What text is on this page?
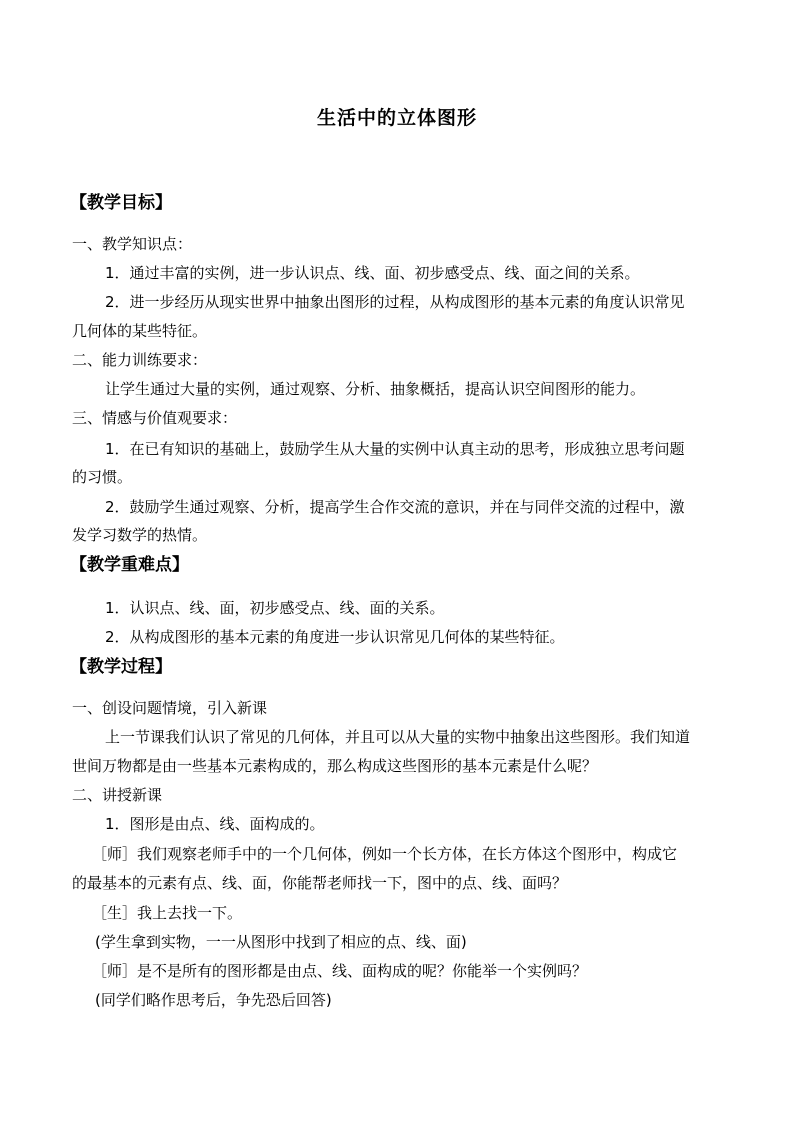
生活中的立体图形
【教学目标】
一、教学知识点：
1．通过丰富的实例，进一步认识点、线、面、初步感受点、线、面之间的关系。
2．进一步经历从现实世界中抽象出图形的过程，从构成图形的基本元素的角度认识常见
几何体的某些特征。
二、能力训练要求：
让学生通过大量的实例，通过观察、分析、抽象概括，提高认识空间图形的能力。
三、情感与价值观要求：
1．在已有知识的基础上，鼓励学生从大量的实例中认真主动的思考，形成独立思考问题
的习惯。
2．鼓励学生通过观察、分析，提高学生合作交流的意识，并在与同伴交流的过程中，激
发学习数学的热情。
【教学重难点】
1．认识点、线、面，初步感受点、线、面的关系。
2．从构成图形的基本元素的角度进一步认识常见几何体的某些特征。
【教学过程】
一、创设问题情境，引入新课
上一节课我们认识了常见的几何体，并且可以从大量的实物中抽象出这些图形。我们知道
世间万物都是由一些基本元素构成的，那么构成这些图形的基本元素是什么呢？
二、讲授新课
1．图形是由点、线、面构成的。
［师］我们观察老师手中的一个几何体，例如一个长方体，在长方体这个图形中，构成它
的最基本的元素有点、线、面，你能帮老师找一下，图中的点、线、面吗？
［生］我上去找一下。
(学生拿到实物，一一从图形中找到了相应的点、线、面)
［师］是不是所有的图形都是由点、线、面构成的呢？你能举一个实例吗？
(同学们略作思考后，争先恐后回答)
